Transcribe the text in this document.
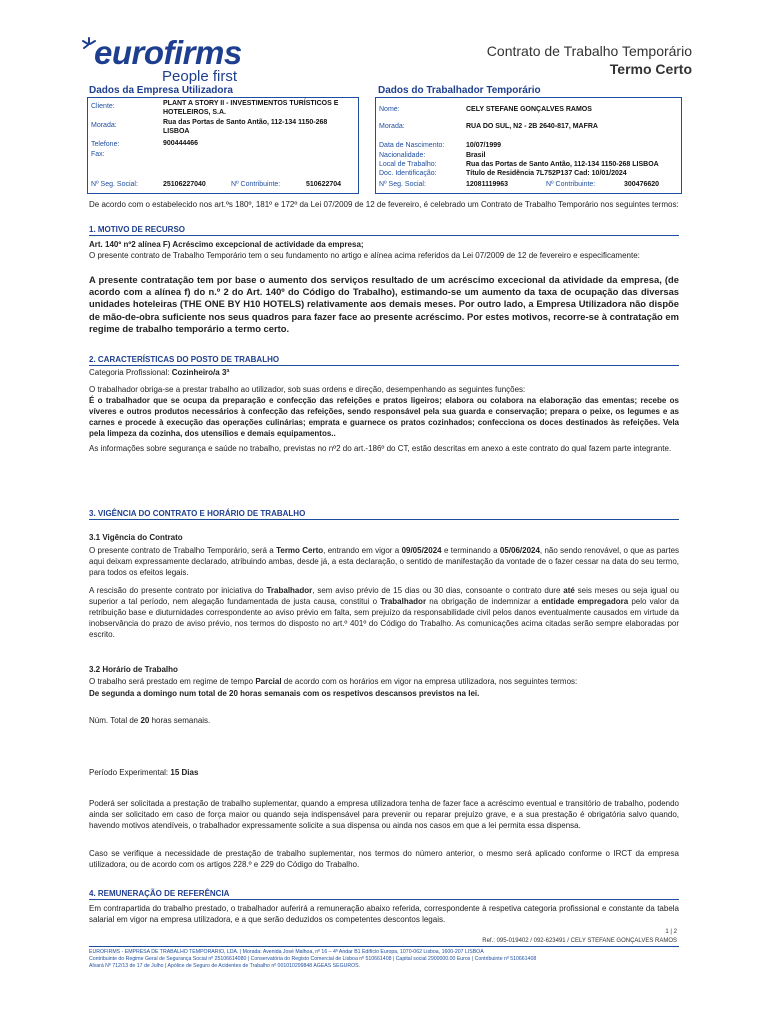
eurofirms
People first
Contrato de Trabalho Temporário
Termo Certo
Dados da Empresa Utilizadora
Cliente:	PLANT A STORY II - INVESTIMENTOS TURÍSTICOS E HOTELEIROS, S.A.
Morada:	Rua das Portas de Santo Antão, 112-134 1150-268 LISBOA
Telefone:	900444466
Fax:
Nº Seg. Social:	25106227040	Nº Contribuinte:	510622704
Dados do Trabalhador Temporário
Nome:	CELY STEFANE GONÇALVES RAMOS
Morada:	RUA DO SUL, N2 - 2B 2640-817, MAFRA
Data de Nascimento:	10/07/1999
Nacionalidade:	Brasil
Local de Trabalho:	Rua das Portas de Santo Antão, 112-134 1150-268 LISBOA
Doc. Identificação:	Título de Residência 7L752P137 Cad: 10/01/2024
Nº Seg. Social:	12081119963	Nº Contribuinte:	300476620
De acordo com o estabelecido nos art.ºs 180º, 181º e 172º da Lei 07/2009 de 12 de fevereiro, é celebrado um Contrato de Trabalho Temporário nos seguintes termos:
1. MOTIVO DE RECURSO
Art. 140º nº2 alínea F) Acréscimo excepcional de actividade da empresa;
O presente contrato de Trabalho Temporário tem o seu fundamento no artigo e alínea acima referidos da Lei 07/2009 de 12 de fevereiro e especificamente:
A presente contratação tem por base o aumento dos serviços resultado de um acréscimo excecional da atividade da empresa, (de acordo com a alínea f) do n.º 2 do Art. 140º do Código do Trabalho), estimando-se um aumento da taxa de ocupação das diversas unidades hoteleiras (THE ONE BY H10 HOTELS) relativamente aos demais meses. Por outro lado, a Empresa Utilizadora não dispõe de mão-de-obra suficiente nos seus quadros para fazer face ao presente acréscimo. Por estes motivos, recorre-se à contratação em regime de trabalho temporário a termo certo.
2. CARACTERÍSTICAS DO POSTO DE TRABALHO
Categoria Profissional: Cozinheiro/a 3ª
O trabalhador obriga-se a prestar trabalho ao utilizador, sob suas ordens e direção, desempenhando as seguintes funções:
É o trabalhador que se ocupa da preparação e confecção das refeições e pratos ligeiros; elabora ou colabora na elaboração das ementas; recebe os víveres e outros produtos necessários à confecção das refeições, sendo responsável pela sua guarda e conservação; prepara o peixe, os legumes e as carnes e procede à execução das operações culinárias; emprata e guarnece os pratos cozinhados; confecciona os doces destinados às refeições. Vela pela limpeza da cozinha, dos utensílios e demais equipamentos..
As informações sobre segurança e saúde no trabalho, previstas no nº2 do art.-186º do CT, estão descritas em anexo a este contrato do qual fazem parte integrante.
3. VIGÊNCIA DO CONTRATO E HORÁRIO DE TRABALHO
3.1 Vigência do Contrato
O presente contrato de Trabalho Temporário, será a Termo Certo, entrando em vigor a 09/05/2024 e terminando a 05/06/2024, não sendo renovável, o que as partes aqui deixam expressamente declarado, atribuindo ambas, desde já, a esta declaração, o sentido de manifestação da vontade de o fazer cessar na data do seu termo, para todos os efeitos legais.
A rescisão do presente contrato por iniciativa do Trabalhador, sem aviso prévio de 15 dias ou 30 dias, consoante o contrato dure até seis meses ou seja igual ou superior a tal período, nem alegação fundamentada de justa causa, constitui o Trabalhador na obrigação de indemnizar a entidade empregadora pelo valor da retribuição base e diuturnidades correspondente ao aviso prévio em falta, sem prejuízo da responsabilidade civil pelos danos eventualmente causados em virtude da inobservância do prazo de aviso prévio, nos termos do disposto no art.º 401º do Código do Trabalho. As comunicações acima citadas serão sempre elaboradas por escrito.
3.2 Horário de Trabalho
O trabalho será prestado em regime de tempo Parcial de acordo com os horários em vigor na empresa utilizadora, nos seguintes termos:
De segunda a domingo num total de 20 horas semanais com os respetivos descansos previstos na lei.
Núm. Total de 20 horas semanais.
Período Experimental: 15 Dias
Poderá ser solicitada a prestação de trabalho suplementar, quando a empresa utilizadora tenha de fazer face a acréscimo eventual e transitório de trabalho, podendo ainda ser solicitado em caso de força maior ou quando seja indispensável para prevenir ou reparar prejuízo grave, e a sua prestação é obrigatória salvo quando, havendo motivos atendíveis, o trabalhador expressamente solicite a sua dispensa ou ainda nos casos em que a lei permita essa dispensa.
Caso se verifique a necessidade de prestação de trabalho suplementar, nos termos do número anterior, o mesmo será aplicado conforme o IRCT da empresa utilizadora, ou de acordo com os artigos 228.º e 229 do Código do Trabalho.
4. REMUNERAÇÃO DE REFERÊNCIA
Em contrapartida do trabalho prestado, o trabalhador auferirá a remuneração abaixo referida, correspondente à respetiva categoria profissional e constante da tabela salarial em vigor na empresa utilizadora, e a que serão deduzidos os competentes descontos legais.
1 | 2
Ref.: 095-019402 / 092-623491 / CELY STEFANE GONÇALVES RAMOS
EUROFIRMS - EMPRESA DE TRABALHO TEMPORÁRIO, LDA. | Morada: Avenida José Malhoa, nº 16 – 4º Andar B1 Edifício Europa, 1070-062 Lisboa, 1600-207 LISBOA
Contribuinte do Regime Geral de Segurança Social nº 25106614080 | Conservatória do Registo Comercial de Lisboa nº 510661408 | Capital social 2900000.00 Euros | Contribuinte nº 510661408
Alvará Nº 712/13 de 17 de Julho | Apólice de Seguro de Acidentes de Trabalho nº 001010299848 AGEAS SEGUROS.
